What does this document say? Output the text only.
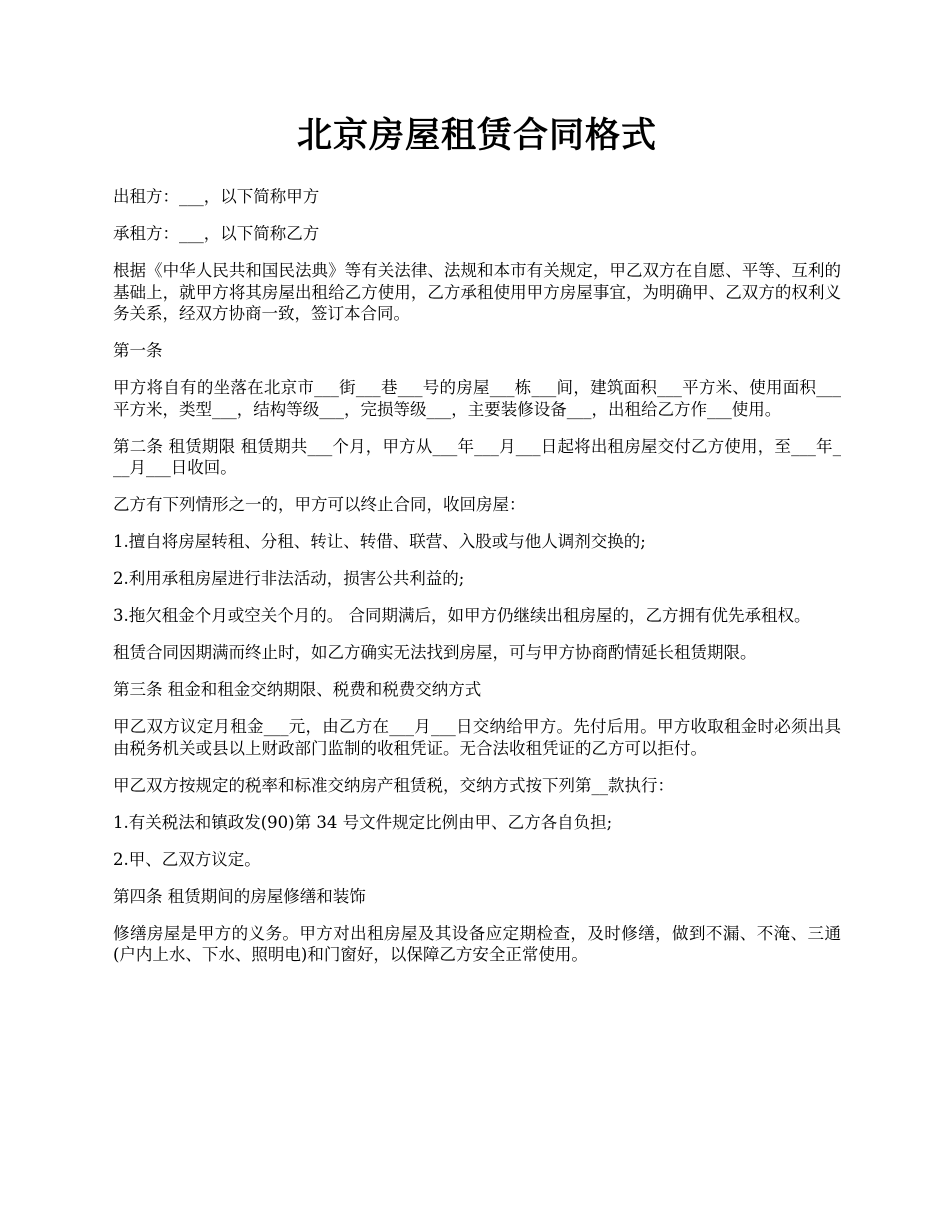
北京房屋租赁合同格式

出租方：___，以下简称甲方

承租方：___，以下简称乙方

根据《中华人民共和国民法典》等有关法律、法规和本市有关规定，甲乙双方在自愿、平等、互利的基础上，就甲方将其房屋出租给乙方使用，乙方承租使用甲方房屋事宜，为明确甲、乙双方的权利义务关系，经双方协商一致，签订本合同。

第一条

甲方将自有的坐落在北京市___街___巷___号的房屋___栋___间，建筑面积___平方米、使用面积___平方米，类型___，结构等级___，完损等级___，主要装修设备___，出租给乙方作___使用。

第二条 租赁期限 租赁期共___个月，甲方从___年___月___日起将出租房屋交付乙方使用，至___年___月___日收回。

乙方有下列情形之一的，甲方可以终止合同，收回房屋：

1.擅自将房屋转租、分租、转让、转借、联营、入股或与他人调剂交换的;

2.利用承租房屋进行非法活动，损害公共利益的;

3.拖欠租金个月或空关个月的。 合同期满后，如甲方仍继续出租房屋的，乙方拥有优先承租权。

租赁合同因期满而终止时，如乙方确实无法找到房屋，可与甲方协商酌情延长租赁期限。

第三条 租金和租金交纳期限、税费和税费交纳方式

甲乙双方议定月租金___元，由乙方在___月___日交纳给甲方。先付后用。甲方收取租金时必须出具由税务机关或县以上财政部门监制的收租凭证。无合法收租凭证的乙方可以拒付。

甲乙双方按规定的税率和标准交纳房产租赁税，交纳方式按下列第__款执行：

1.有关税法和镇政发(90)第 34 号文件规定比例由甲、乙方各自负担;

2.甲、乙双方议定。

第四条 租赁期间的房屋修缮和装饰

修缮房屋是甲方的义务。甲方对出租房屋及其设备应定期检查，及时修缮，做到不漏、不淹、三通(户内上水、下水、照明电)和门窗好，以保障乙方安全正常使用。
